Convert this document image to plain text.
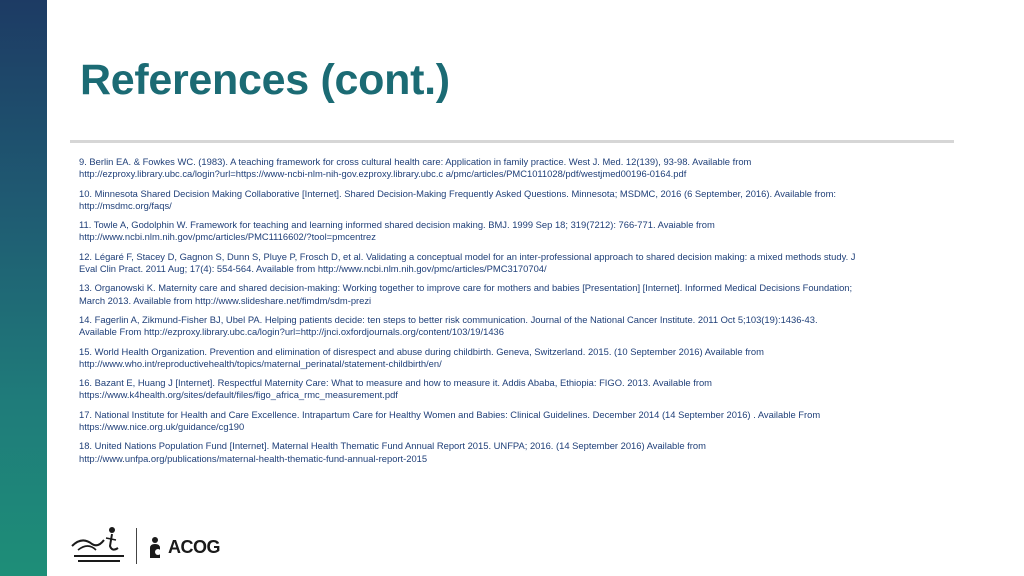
References (cont.)

9. Berlin EA. & Fowkes WC. (1983). A teaching framework for cross cultural health care: Application in family practice. West J. Med. 12(139), 93-98. Available from
http://ezproxy.library.ubc.ca/login?url=https://www-ncbi-nlm-nih-gov.ezproxy.library.ubc.c a/pmc/articles/PMC1011028/pdf/westjmed00196-0164.pdf

10. Minnesota Shared Decision Making Collaborative [Internet]. Shared Decision-Making Frequently Asked Questions. Minnesota; MSDMC, 2016 (6 September, 2016). Available from:
http://msdmc.org/faqs/

11. Towle A, Godolphin W. Framework for teaching and learning informed shared decision making. BMJ. 1999 Sep 18; 319(7212): 766-771. Avaiable from
http://www.ncbi.nlm.nih.gov/pmc/articles/PMC1116602/?tool=pmcentrez

12. Légaré F, Stacey D, Gagnon S, Dunn S, Pluye P, Frosch D, et al. Validating a conceptual model for an inter-professional approach to shared decision making: a mixed methods study. J
Eval Clin Pract. 2011 Aug; 17(4): 554-564. Available from http://www.ncbi.nlm.nih.gov/pmc/articles/PMC3170704/

13. Organowski K. Maternity care and shared decision-making: Working together to improve care for mothers and babies [Presentation] [Internet]. Informed Medical Decisions Foundation;
March 2013. Available from http://www.slideshare.net/fimdm/sdm-prezi

14. Fagerlin A, Zikmund-Fisher BJ, Ubel PA. Helping patients decide: ten steps to better risk communication. Journal of the National Cancer Institute. 2011 Oct 5;103(19):1436-43.
Available From http://ezproxy.library.ubc.ca/login?url=http://jnci.oxfordjournals.org/content/103/19/1436

15. World Health Organization. Prevention and elimination of disrespect and abuse during childbirth. Geneva, Switzerland. 2015. (10 September 2016) Available from
http://www.who.int/reproductivehealth/topics/maternal_perinatal/statement-childbirth/en/

16. Bazant E, Huang J [Internet]. Respectful Maternity Care: What to measure and how to measure it. Addis Ababa, Ethiopia: FIGO. 2013. Available from
https://www.k4health.org/sites/default/files/figo_africa_rmc_measurement.pdf

17. National Institute for Health and Care Excellence. Intrapartum Care for Healthy Women and Babies: Clinical Guidelines. December 2014 (14 September 2016) . Available From
https://www.nice.org.uk/guidance/cg190

18. United Nations Population Fund [Internet]. Maternal Health Thematic Fund Annual Report 2015. UNFPA; 2016. (14 September 2016) Available from
http://www.unfpa.org/publications/maternal-health-thematic-fund-annual-report-2015

ACOG
